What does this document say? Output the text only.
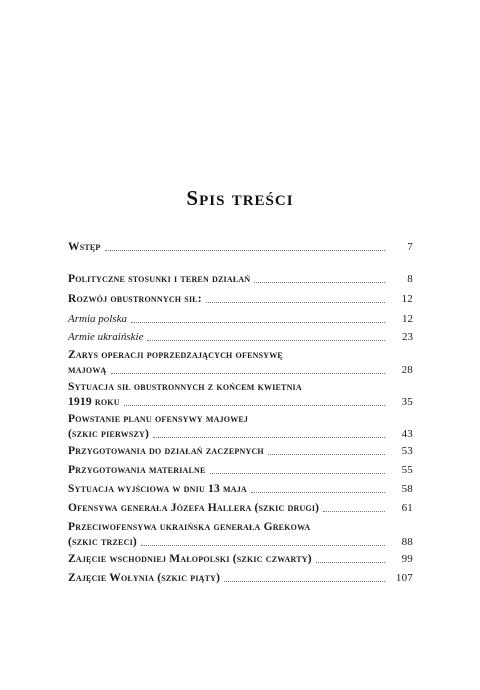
Spis treści
Wstęp	7
Polityczne stosunki i teren działań	8
Rozwój obustronnych sił:	12
Armia polska	12
Armie ukraińskie	23
Zarys operacji poprzedzających ofensywę
majową	28
Sytuacja sił obustronnych z końcem kwietnia
1919 roku	35
Powstanie planu ofensywy majowej
(szkic pierwszy)	43
Przygotowania do działań zaczepnych	53
Przygotowania materialne	55
Sytuacja wyjściowa w dniu 13 maja	58
Ofensywa generała Józefa Hallera (szkic drugi)	61
Przeciwofensywa ukraińska generała Grekowa
(szkic trzeci)	88
Zajęcie wschodniej Małopolski (szkic czwarty)	99
Zajęcie Wołynia (szkic piąty)	107
